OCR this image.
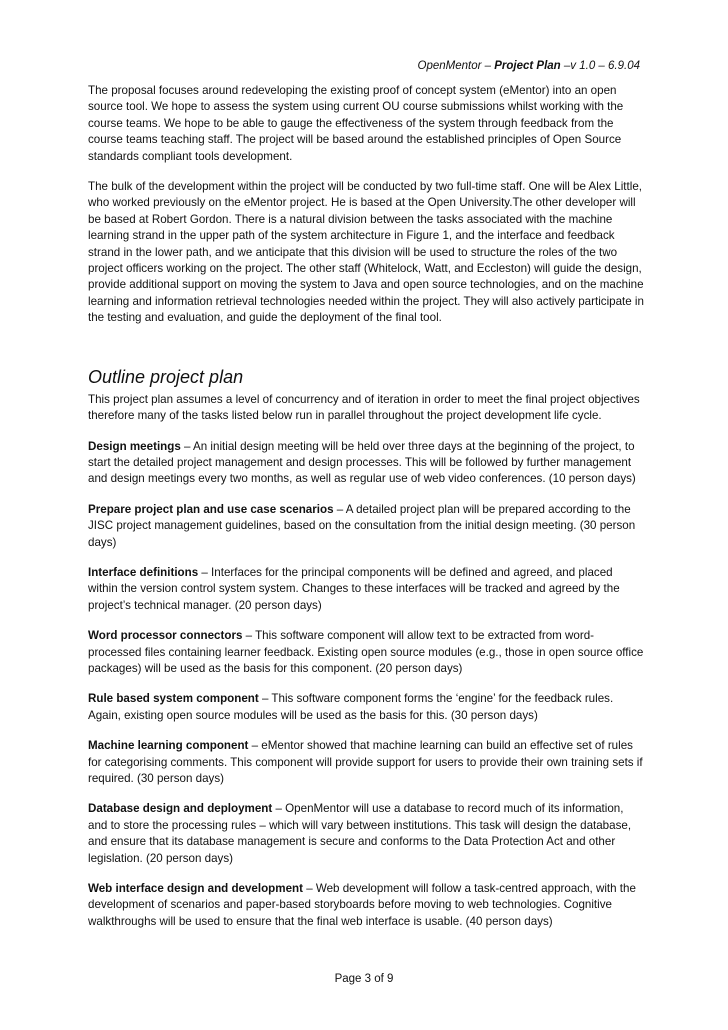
OpenMentor – Project Plan –v 1.0 – 6.9.04

The proposal focuses around redeveloping the existing proof of concept system (eMentor) into an open source tool. We hope to assess the system using current OU course submissions whilst working with the course teams. We hope to be able to gauge the effectiveness of the system through feedback from the course teams teaching staff. The project will be based around the established principles of Open Source standards compliant tools development.

The bulk of the development within the project will be conducted by two full-time staff. One will be Alex Little, who worked previously on the eMentor project. He is based at the Open University.The other developer will be based at Robert Gordon. There is a natural division between the tasks associated with the machine learning strand in the upper path of the system architecture in Figure 1, and the interface and feedback strand in the lower path, and we anticipate that this division will be used to structure the roles of the two project officers working on the project. The other staff (Whitelock, Watt, and Eccleston) will guide the design, provide additional support on moving the system to Java and open source technologies, and on the machine learning and information retrieval technologies needed within the project. They will also actively participate in the testing and evaluation, and guide the deployment of the final tool.

Outline project plan

This project plan assumes a level of concurrency and of iteration in order to meet the final project objectives therefore many of the tasks listed below run in parallel throughout the project development life cycle.

Design meetings – An initial design meeting will be held over three days at the beginning of the project, to start the detailed project management and design processes. This will be followed by further management and design meetings every two months, as well as regular use of web video conferences. (10 person days)

Prepare project plan and use case scenarios – A detailed project plan will be prepared according to the JISC project management guidelines, based on the consultation from the initial design meeting. (30 person days)

Interface definitions – Interfaces for the principal components will be defined and agreed, and placed within the version control system system. Changes to these interfaces will be tracked and agreed by the project’s technical manager. (20 person days)

Word processor connectors – This software component will allow text to be extracted from word-processed files containing learner feedback. Existing open source modules (e.g., those in open source office packages) will be used as the basis for this component. (20 person days)

Rule based system component – This software component forms the ‘engine’ for the feedback rules. Again, existing open source modules will be used as the basis for this. (30 person days)

Machine learning component – eMentor showed that machine learning can build an effective set of rules for categorising comments. This component will provide support for users to provide their own training sets if required. (30 person days)

Database design and deployment – OpenMentor will use a database to record much of its information, and to store the processing rules – which will vary between institutions. This task will design the database, and ensure that its database management is secure and conforms to the Data Protection Act and other legislation. (20 person days)

Web interface design and development – Web development will follow a task-centred approach, with the development of scenarios and paper-based storyboards before moving to web technologies. Cognitive walkthroughs will be used to ensure that the final web interface is usable. (40 person days)

Page 3 of 9
